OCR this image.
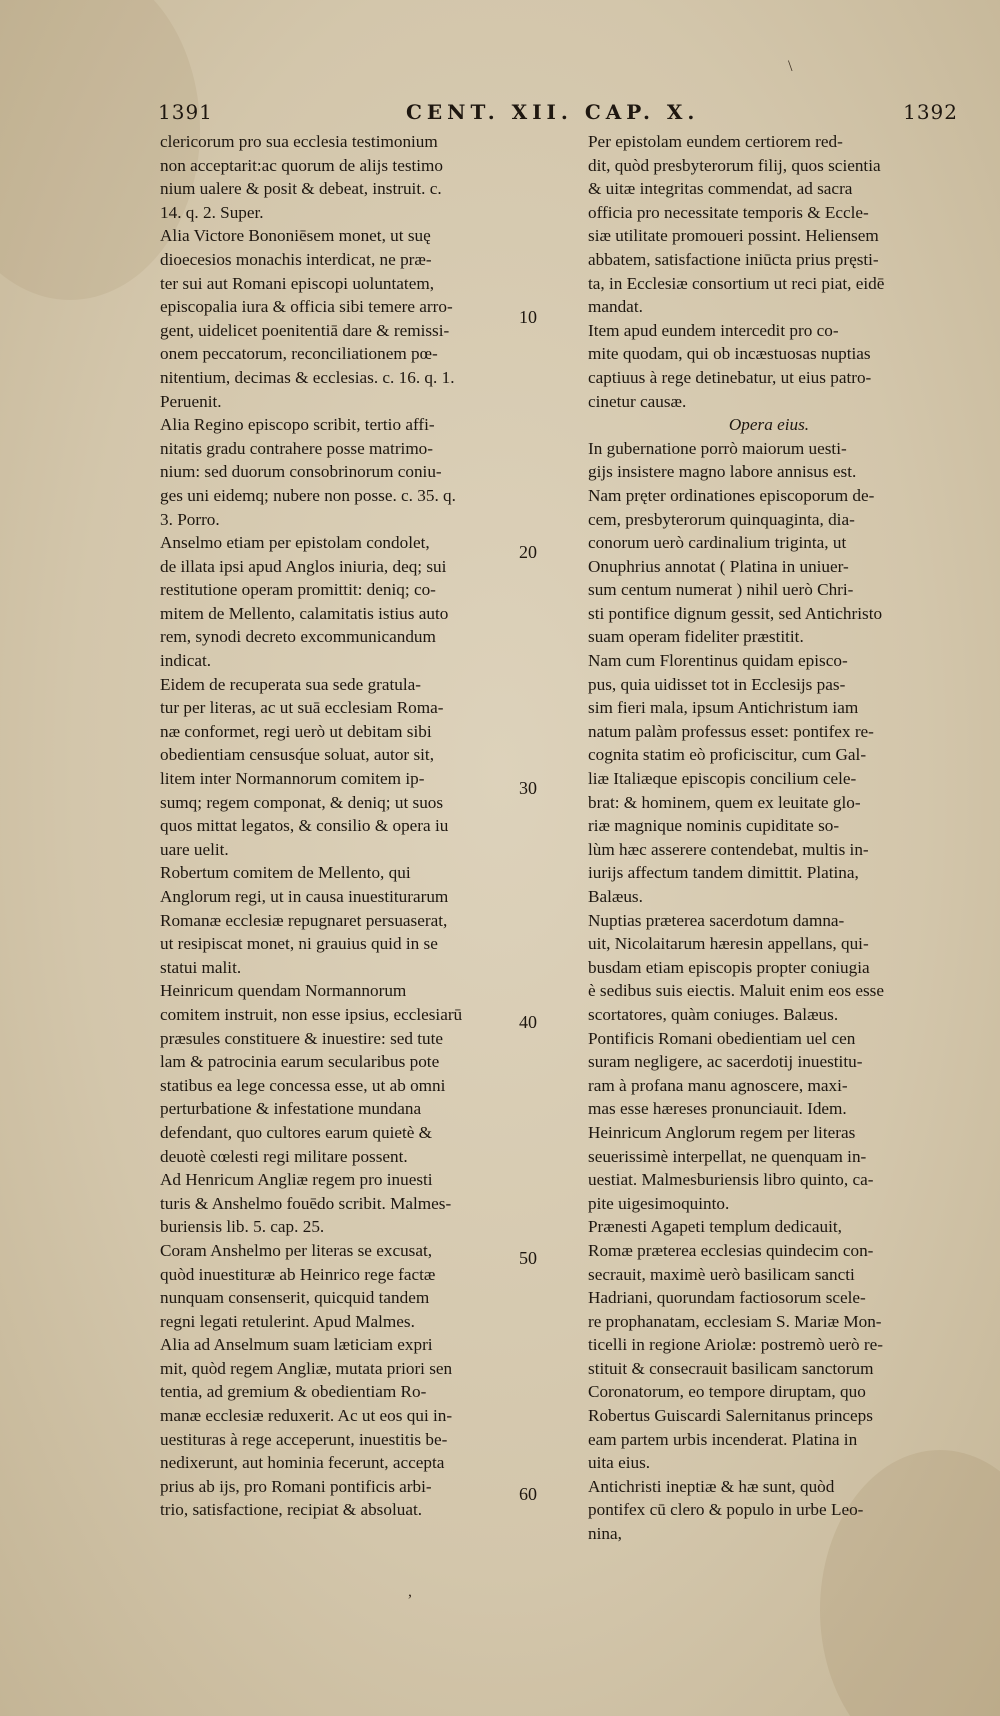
1391	CENT. XII. CAP. X.	1392
clericorum pro sua ecclesia testimonium
non acceptarit:ac quorum de alijs testimo
nium ualere & posit & debeat, instruit. c.
14. q. 2. Super.
Alia Victore Bononiēsem monet, ut suę
dioecesios monachis interdicat, ne præ-
ter sui aut Romani episcopi uoluntatem,
episcopalia iura & officia sibi temere arro-
gent, uidelicet poenitentiā dare & remissi-
onem peccatorum, reconciliationem pœ-
nitentium, decimas & ecclesias. c. 16. q. 1.
Peruenit.
Alia Regino episcopo scribit, tertio affi-
nitatis gradu contrahere posse matrimo-
nium: sed duorum consobrinorum coniu-
ges uni eidemq; nubere non posse. c. 35. q.
3. Porro.
Anselmo etiam per epistolam condolet,
de illata ipsi apud Anglos iniuria, deq; sui
restitutione operam promittit: deniq; co-
mitem de Mellento, calamitatis istius auto
rem, synodi decreto excommunicandum
indicat.
Eidem de recuperata sua sede gratula-
tur per literas, ac ut suā ecclesiam Roma-
næ conformet, regi uerò ut debitam sibi
obedientiam censusq́ue soluat, autor sit,
litem inter Normannorum comitem ip-
sumq; regem componat, & deniq; ut suos
quos mittat legatos, & consilio & opera iu
uare uelit.
Robertum comitem de Mellento, qui
Anglorum regi, ut in causa inuestiturarum
Romanæ ecclesiæ repugnaret persuaserat,
ut resipiscat monet, ni grauius quid in se
statui malit.
Heinricum quendam Normannorum
comitem instruit, non esse ipsius, ecclesiarū
præsules constituere & inuestire: sed tute
lam & patrocinia earum secularibus pote
statibus ea lege concessa esse, ut ab omni
perturbatione & infestatione mundana
defendant, quo cultores earum quietè &
deuotè cœlesti regi militare possent.
Ad Henricum Angliæ regem pro inuesti
turis & Anshelmo fouēdo scribit. Malmes-
buriensis lib. 5. cap. 25.
Coram Anshelmo per literas se excusat,
quòd inuestituræ ab Heinrico rege factæ
nunquam consenserit, quicquid tandem
regni legati retulerint. Apud Malmes.
Alia ad Anselmum suam læticiam expri
mit, quòd regem Angliæ, mutata priori sen
tentia, ad gremium & obedientiam Ro-
manæ ecclesiæ reduxerit. Ac ut eos qui in-
uestituras à rege acceperunt, inuestitis be-
nedixerunt, aut hominia fecerunt, accepta
prius ab ijs, pro Romani pontificis arbi-
trio, satisfactione, recipiat & absoluat.
Per epistolam eundem certiorem red-
dit, quòd presbyterorum filij, quos scientia
& uitæ integritas commendat, ad sacra
officia pro necessitate temporis & Eccle-
siæ utilitate promoueri possint. Heliensem
abbatem, satisfactione iniūcta prius pręsti-
ta, in Ecclesiæ consortium ut reci piat, eidē
mandat.
Item apud eundem intercedit pro co-
mite quodam, qui ob incæstuosas nuptias
captiuus à rege detinebatur, ut eius patro-
cinetur causæ.
Opera eius.
In gubernatione porrò maiorum uesti-
gijs insistere magno labore annisus est.
Nam pręter ordinationes episcoporum de-
cem, presbyterorum quinquaginta, dia-
conorum uerò cardinalium triginta, ut
Onuphrius annotat ( Platina in uniuer-
sum centum numerat ) nihil uerò Chri-
sti pontifice dignum gessit, sed Antichristo
suam operam fideliter præstitit.
Nam cum Florentinus quidam episco-
pus, quia uidisset tot in Ecclesijs pas-
sim fieri mala, ipsum Antichristum iam
natum palàm professus esset: pontifex re-
cognita statim eò proficiscitur, cum Gal-
liæ Italiæque episcopis concilium cele-
brat: & hominem, quem ex leuitate glo-
riæ magnique nominis cupiditate so-
lùm hæc asserere contendebat, multis in-
iurijs affectum tandem dimittit. Platina,
Balæus.
Nuptias præterea sacerdotum damna-
uit, Nicolaitarum hæresin appellans, qui-
busdam etiam episcopis propter coniugia
è sedibus suis eiectis. Maluit enim eos esse
scortatores, quàm coniuges. Balæus.
Pontificis Romani obedientiam uel cen
suram negligere, ac sacerdotij inuestitu-
ram à profana manu agnoscere, maxi-
mas esse hæreses pronunciauit. Idem.
Heinricum Anglorum regem per literas
seuerissimè interpellat, ne quenquam in-
uestiat. Malmesburiensis libro quinto, ca-
pite uigesimoquinto.
Prænesti Agapeti templum dedicauit,
Romæ præterea ecclesias quindecim con-
secrauit, maximè uerò basilicam sancti
Hadriani, quorundam factiosorum scele-
re prophanatam, ecclesiam S. Mariæ Mon-
ticelli in regione Ariolæ: postremò uerò re-
stituit & consecrauit basilicam sanctorum
Coronatorum, eo tempore diruptam, quo
Robertus Guiscardi Salernitanus princeps
eam partem urbis incenderat. Platina in
uita eius.
Antichristi ineptiæ & hæ sunt, quòd
pontifex cū clero & populo in urbe Leo-
nina,
10
20
30
40
50
60
\
,
